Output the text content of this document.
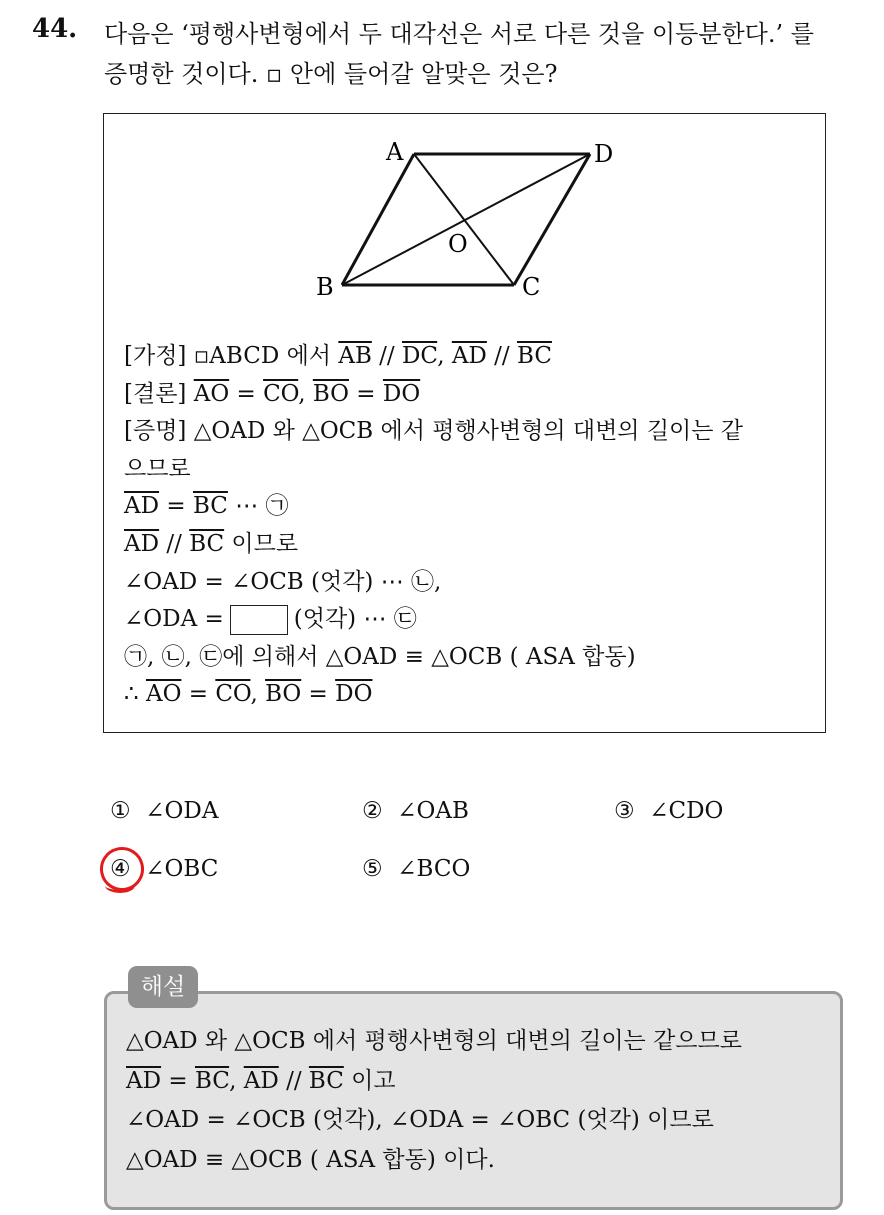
44. 다음은 ‘평행사변형에서 두 대각선은 서로 다른 것을 이등분한다.’ 를
증명한 것이다. ▫ 안에 들어갈 알맞은 것은?
A	D
B	C
O
[가정] ▫ABCD 에서 $\overline{AB} // \overline{DC}$, $\overline{AD} // \overline{BC}$
[결론] $\overline{AO} = \overline{CO}$, $\overline{BO} = \overline{DO}$
[증명] △OAD 와 △OCB 에서 평행사변형의 대변의 길이는 같
으므로
$\overline{AD} = \overline{BC}$ ⋯ ㉠
$\overline{AD} // \overline{BC}$ 이므로
∠OAD = ∠OCB (엇각) ⋯ ㉡,
∠ODA =	(엇각) ⋯ ㉢
㉠, ㉡, ㉢에 의해서 △OAD ≡ △OCB ( ASA 합동)
∴ $\overline{AO} = \overline{CO}$, $\overline{BO} = \overline{DO}$
① ∠ODA	② ∠OAB	③ ∠CDO
④ ∠OBC	⑤ ∠BCO
해설
△OAD 와 △OCB 에서 평행사변형의 대변의 길이는 같으므로
$\overline{AD} = \overline{BC}$, $\overline{AD} // \overline{BC}$ 이고
∠OAD = ∠OCB (엇각), ∠ODA = ∠OBC (엇각) 이므로
△OAD ≡ △OCB ( ASA 합동) 이다.
